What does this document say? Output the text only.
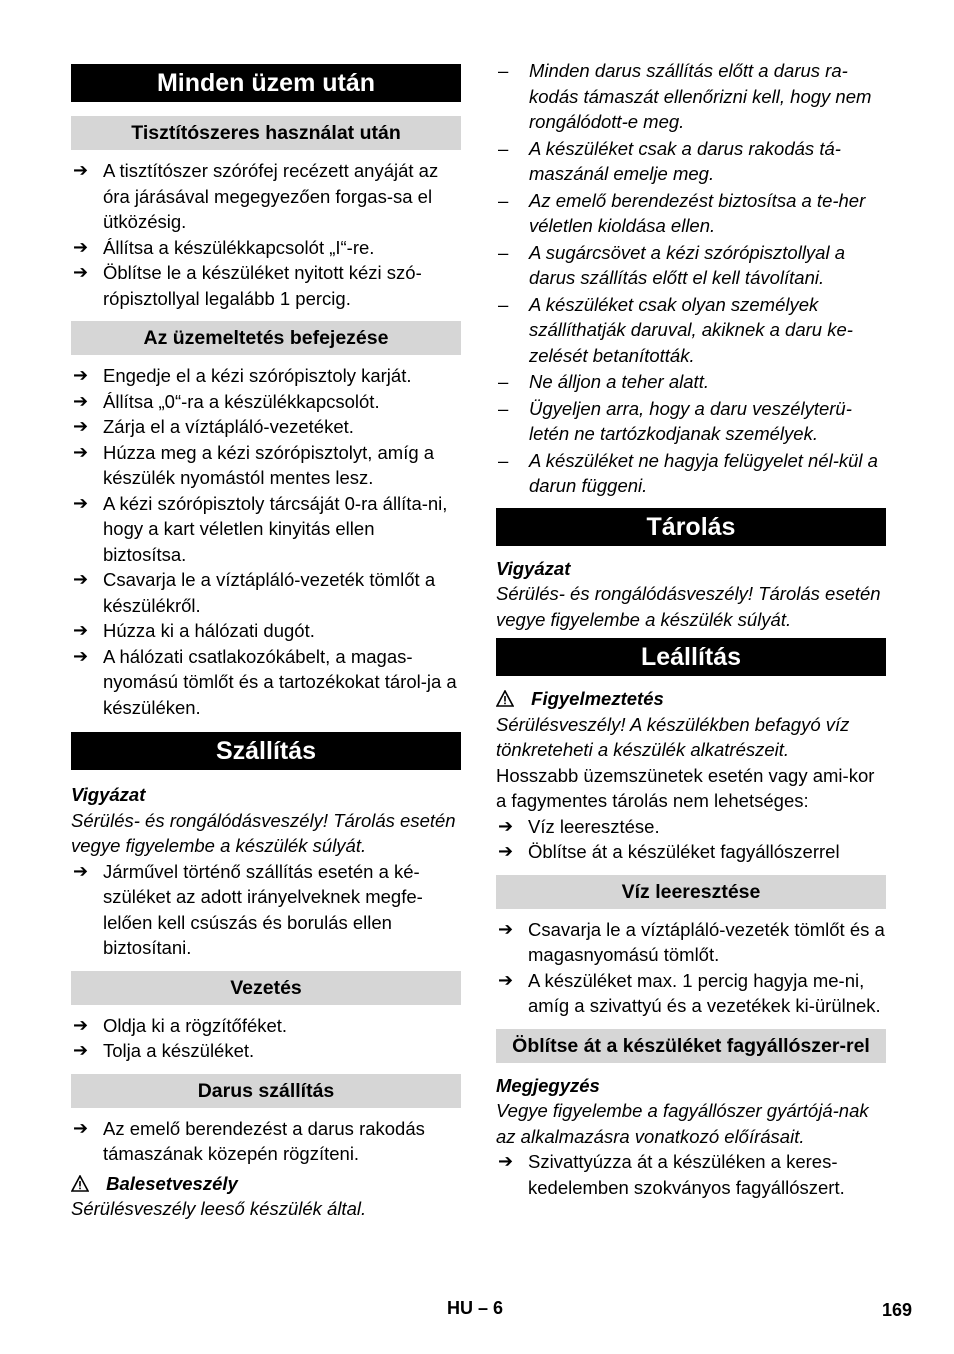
Minden üzem után
Tisztítószeres használat után
➔ A tisztítószer szórófej recézett anyáját az óra járásával megegyezően forgas-sa el ütközésig.
➔ Állítsa a készülékkapcsolót „I“-re.
➔ Öblítse le a készüléket nyitott kézi szó-rópisztollyal legalább 1 percig.
Az üzemeltetés befejezése
➔ Engedje el a kézi szórópisztoly karját.
➔ Állítsa „0“-ra a készülékkapcsolót.
➔ Zárja el a víztápláló-vezetéket.
➔ Húzza meg a kézi szórópisztolyt, amíg a készülék nyomástól mentes lesz.
➔ A kézi szórópisztoly tárcsáját 0-ra állíta-ni, hogy a kart véletlen kinyitás ellen biztosítsa.
➔ Csavarja le a víztápláló-vezeték tömlőt a készülékről.
➔ Húzza ki a hálózati dugót.
➔ A hálózati csatlakozókábelt, a magas-nyomású tömlőt és a tartozékokat tárol-ja a készüléken.
Szállítás
Vigyázat
Sérülés- és rongálódásveszély! Tárolás esetén vegye figyelembe a készülék súlyát.
➔ Járművel történő szállítás esetén a ké-szüléket az adott irányelveknek megfe-lelően kell csúszás és borulás ellen biztosítani.
Vezetés
➔ Oldja ki a rögzítőféket.
➔ Tolja a készüléket.
Darus szállítás
➔ Az emelő berendezést a darus rakodás támaszának közepén rögzíteni.
Balesetveszély
Sérülésveszély leeső készülék által.
– Minden darus szállítás előtt a darus ra-kodás támaszát ellenőrizni kell, hogy nem rongálódott-e meg.
– A készüléket csak a darus rakodás tá-maszánál emelje meg.
– Az emelő berendezést biztosítsa a te-her véletlen kioldása ellen.
– A sugárcsövet a kézi szórópisztollyal a darus szállítás előtt el kell távolítani.
– A készüléket csak olyan személyek szállíthatják daruval, akiknek a daru ke-zelését betanították.
– Ne álljon a teher alatt.
– Ügyeljen arra, hogy a daru veszélyterü-letén ne tartózkodjanak személyek.
– A készüléket ne hagyja felügyelet nél-kül a darun függeni.
Tárolás
Vigyázat
Sérülés- és rongálódásveszély! Tárolás esetén vegye figyelembe a készülék súlyát.
Leállítás
Figyelmeztetés
Sérülésveszély! A készülékben befagyó víz tönkreteheti a készülék alkatrészeit.
Hosszabb üzemszünetek esetén vagy ami-kor a fagymentes tárolás nem lehetséges:
➔ Víz leeresztése.
➔ Öblítse át a készüléket fagyállószerrel
Víz leeresztése
➔ Csavarja le a víztápláló-vezeték tömlőt és a magasnyomású tömlőt.
➔ A készüléket max. 1 percig hagyja me-ni, amíg a szivattyú és a vezetékek ki-ürülnek.
Öblítse át a készüléket fagyállószer-rel
Megjegyzés
Vegye figyelembe a fagyállószer gyártójá-nak az alkalmazásra vonatkozó előírásait.
➔ Szivattyúzza át a készüléken a keres-kedelemben szokványos fagyállószert.
HU – 6	169
